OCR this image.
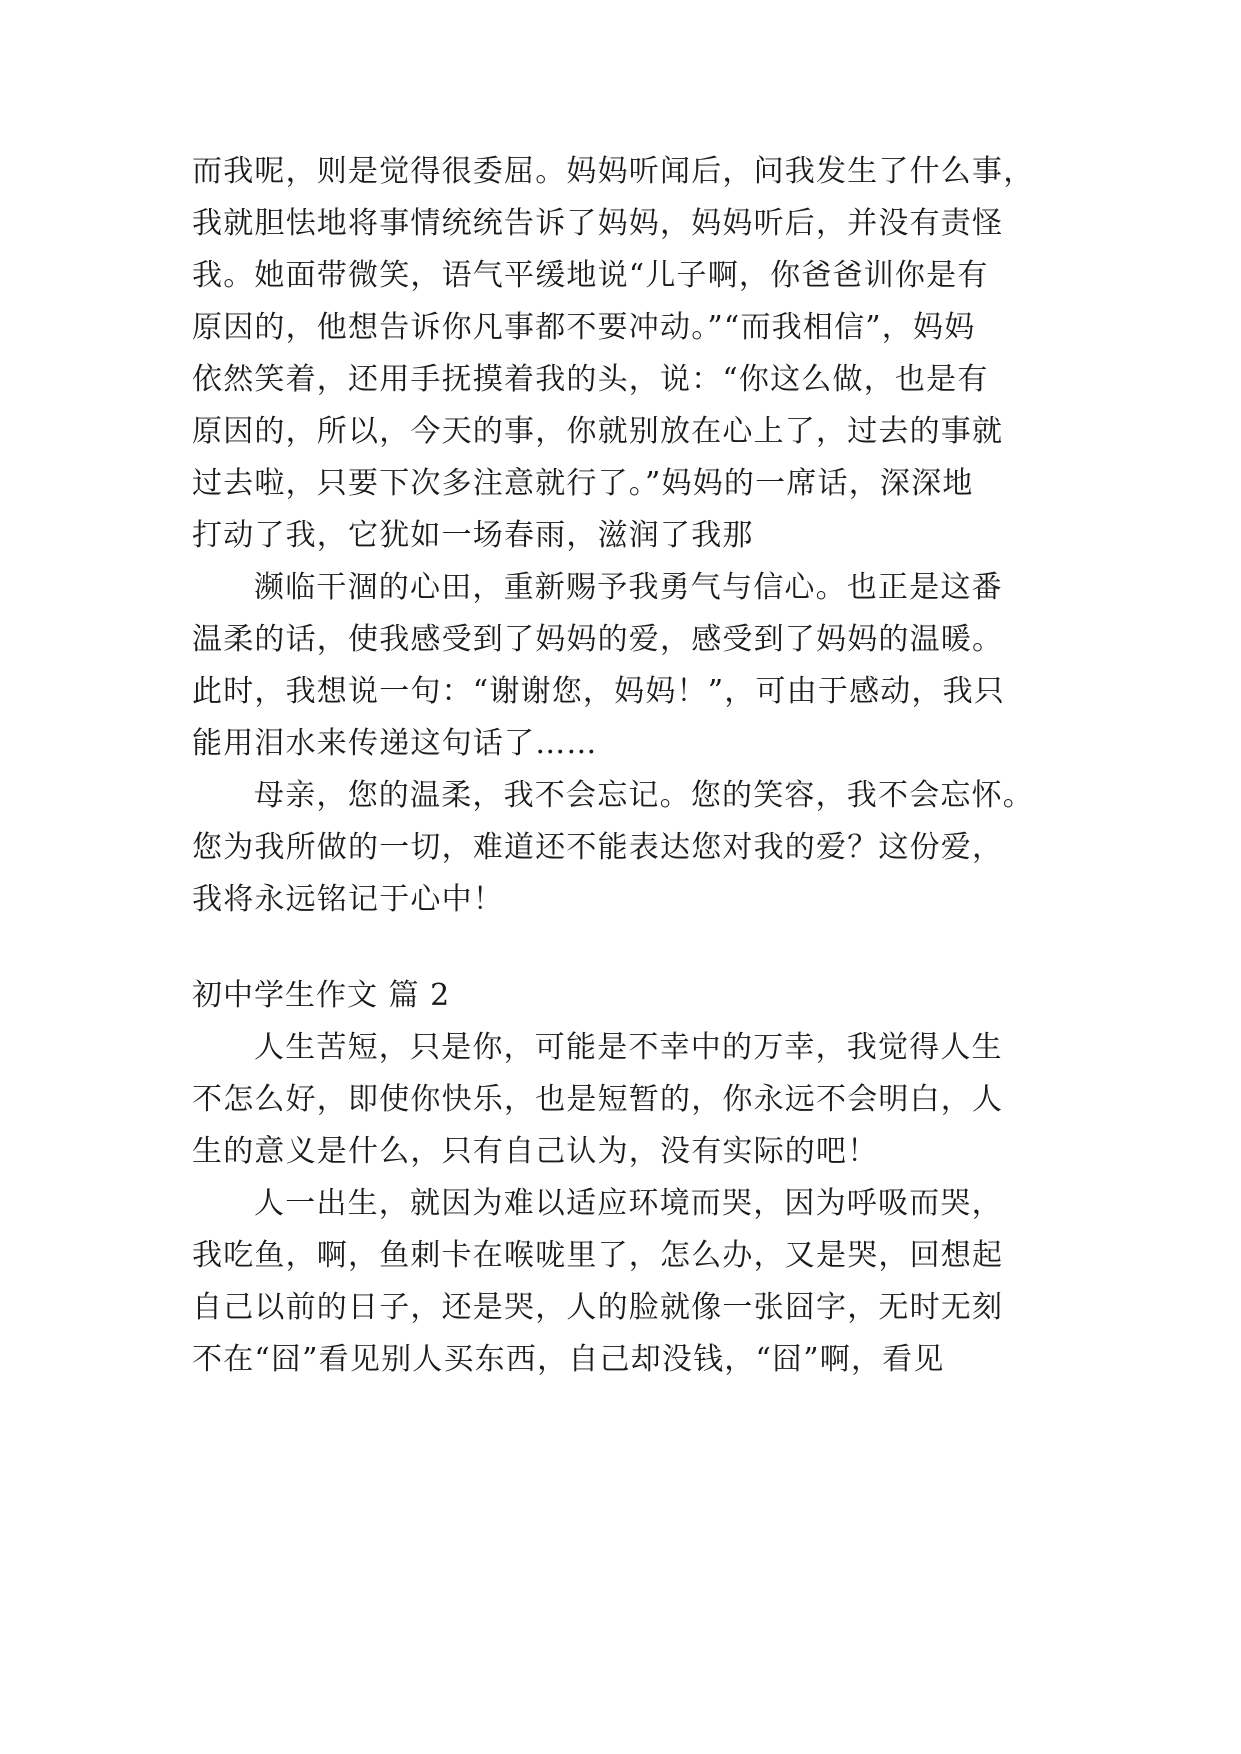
而我呢，则是觉得很委屈。妈妈听闻后，问我发生了什么事，
我就胆怯地将事情统统告诉了妈妈，妈妈听后，并没有责怪
我。她面带微笑，语气平缓地说“儿子啊，你爸爸训你是有
原因的，他想告诉你凡事都不要冲动。”“而我相信”，妈妈
依然笑着，还用手抚摸着我的头，说：“你这么做，也是有
原因的，所以，今天的事，你就别放在心上了，过去的事就
过去啦，只要下次多注意就行了。”妈妈的一席话，深深地
打动了我，它犹如一场春雨，滋润了我那
濒临干涸的心田，重新赐予我勇气与信心。也正是这番
温柔的话，使我感受到了妈妈的爱，感受到了妈妈的温暖。
此时，我想说一句：“谢谢您，妈妈！”，可由于感动，我只
能用泪水来传递这句话了……
母亲，您的温柔，我不会忘记。您的笑容，我不会忘怀。
您为我所做的一切，难道还不能表达您对我的爱？这份爱，
我将永远铭记于心中！
初中学生作文 篇 2
人生苦短，只是你，可能是不幸中的万幸，我觉得人生
不怎么好，即使你快乐，也是短暂的，你永远不会明白，人
生的意义是什么，只有自己认为，没有实际的吧！
人一出生，就因为难以适应环境而哭，因为呼吸而哭，
我吃鱼，啊，鱼刺卡在喉咙里了，怎么办，又是哭，回想起
自己以前的日子，还是哭，人的脸就像一张囧字，无时无刻
不在“囧”看见别人买东西，自己却没钱，“囧”啊，看见
